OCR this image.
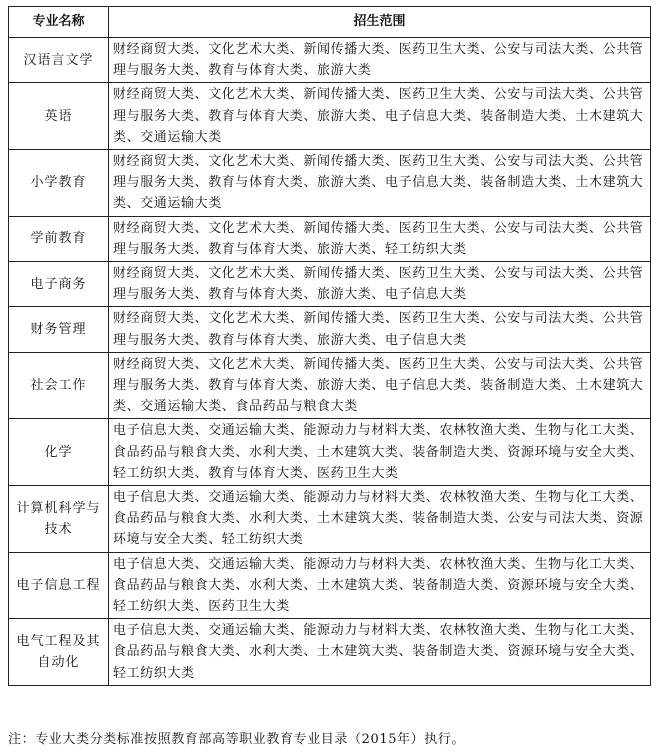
专业名称	招生范围
汉语言文学	财经商贸大类、文化艺术大类、新闻传播大类、医药卫生大类、公安与司法大类、公共管理与服务大类、教育与体育大类、旅游大类
英语	财经商贸大类、文化艺术大类、新闻传播大类、医药卫生大类、公安与司法大类、公共管理与服务大类、教育与体育大类、旅游大类、电子信息大类、装备制造大类、土木建筑大类、交通运输大类
小学教育	财经商贸大类、文化艺术大类、新闻传播大类、医药卫生大类、公安与司法大类、公共管理与服务大类、教育与体育大类、旅游大类、电子信息大类、装备制造大类、土木建筑大类、交通运输大类
学前教育	财经商贸大类、文化艺术大类、新闻传播大类、医药卫生大类、公安与司法大类、公共管理与服务大类、教育与体育大类、旅游大类、轻工纺织大类
电子商务	财经商贸大类、文化艺术大类、新闻传播大类、医药卫生大类、公安与司法大类、公共管理与服务大类、教育与体育大类、旅游大类、电子信息大类
财务管理	财经商贸大类、文化艺术大类、新闻传播大类、医药卫生大类、公安与司法大类、公共管理与服务大类、教育与体育大类、旅游大类、电子信息大类
社会工作	财经商贸大类、文化艺术大类、新闻传播大类、医药卫生大类、公安与司法大类、公共管理与服务大类、教育与体育大类、旅游大类、电子信息大类、装备制造大类、土木建筑大类、交通运输大类、食品药品与粮食大类
化学	电子信息大类、交通运输大类、能源动力与材料大类、农林牧渔大类、生物与化工大类、食品药品与粮食大类、水利大类、土木建筑大类、装备制造大类、资源环境与安全大类、轻工纺织大类、教育与体育大类、医药卫生大类
计算机科学与技术	电子信息大类、交通运输大类、能源动力与材料大类、农林牧渔大类、生物与化工大类、食品药品与粮食大类、水利大类、土木建筑大类、装备制造大类、公安与司法大类、资源环境与安全大类、轻工纺织大类
电子信息工程	电子信息大类、交通运输大类、能源动力与材料大类、农林牧渔大类、生物与化工大类、食品药品与粮食大类、水利大类、土木建筑大类、装备制造大类、资源环境与安全大类、轻工纺织大类、医药卫生大类
电气工程及其自动化	电子信息大类、交通运输大类、能源动力与材料大类、农林牧渔大类、生物与化工大类、食品药品与粮食大类、水利大类、土木建筑大类、装备制造大类、资源环境与安全大类、轻工纺织大类
注：专业大类分类标准按照教育部高等职业教育专业目录（2015年）执行。
